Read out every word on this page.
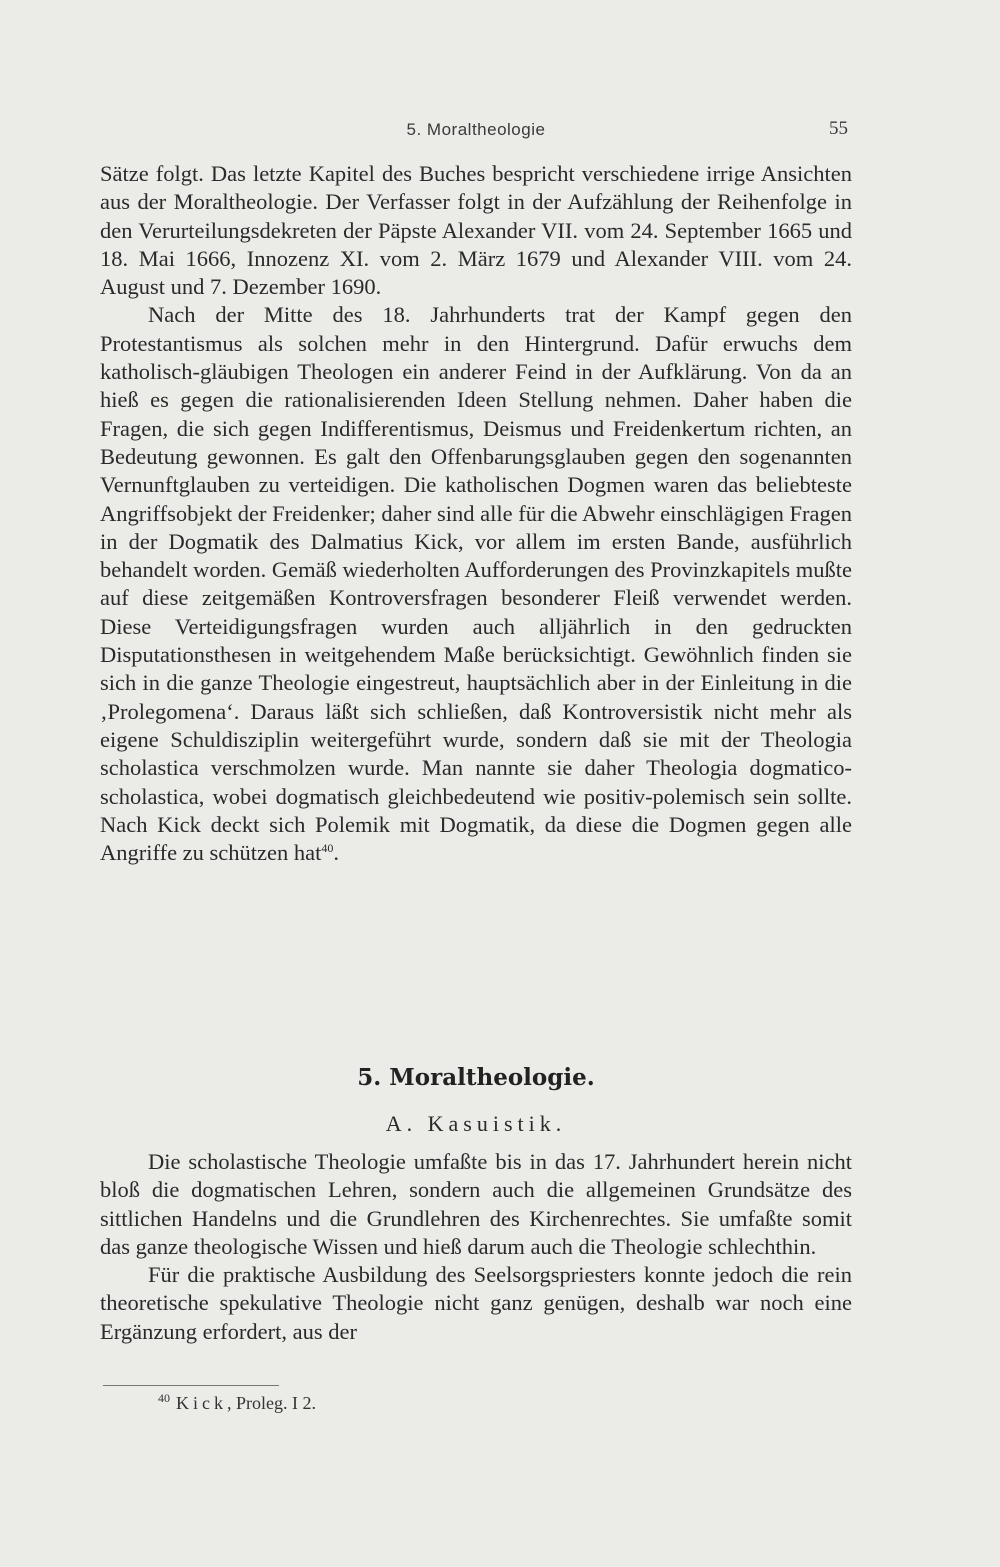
5. Moraltheologie	55

Sätze folgt. Das letzte Kapitel des Buches bespricht verschiedene irrige Ansichten aus der Moraltheologie. Der Verfasser folgt in der Aufzählung der Reihenfolge in den Verurteilungsdekreten der Päpste Alexander VII. vom 24. September 1665 und 18. Mai 1666, Innozenz XI. vom 2. März 1679 und Alexander VIII. vom 24. August und 7. Dezember 1690.

Nach der Mitte des 18. Jahrhunderts trat der Kampf gegen den Protestantismus als solchen mehr in den Hintergrund. Dafür erwuchs dem katholisch-gläubigen Theologen ein anderer Feind in der Aufklärung. Von da an hieß es gegen die rationalisierenden Ideen Stellung nehmen. Daher haben die Fragen, die sich gegen Indifferentismus, Deismus und Freidenkertum richten, an Bedeutung gewonnen. Es galt den Offenbarungsglauben gegen den sogenannten Vernunftglauben zu verteidigen. Die katholischen Dogmen waren das beliebteste Angriffsobjekt der Freidenker; daher sind alle für die Abwehr einschlägigen Fragen in der Dogmatik des Dalmatius Kick, vor allem im ersten Bande, ausführlich behandelt worden. Gemäß wiederholten Aufforderungen des Provinzkapitels mußte auf diese zeitgemäßen Kontroversfragen besonderer Fleiß verwendet werden. Diese Verteidigungsfragen wurden auch alljährlich in den gedruckten Disputationsthesen in weitgehendem Maße berücksichtigt. Gewöhnlich finden sie sich in die ganze Theologie eingestreut, hauptsächlich aber in der Einleitung in die ‚Prolegomena‘. Daraus läßt sich schließen, daß Kontroversistik nicht mehr als eigene Schuldisziplin weitergeführt wurde, sondern daß sie mit der Theologia scholastica verschmolzen wurde. Man nannte sie daher Theologia dogmatico-scholastica, wobei dogmatisch gleichbedeutend wie positiv-polemisch sein sollte. Nach Kick deckt sich Polemik mit Dogmatik, da diese die Dogmen gegen alle Angriffe zu schützen hat$^{40}$.

5. Moraltheologie.
A. Kasuistik.

Die scholastische Theologie umfaßte bis in das 17. Jahrhundert herein nicht bloß die dogmatischen Lehren, sondern auch die allgemeinen Grundsätze des sittlichen Handelns und die Grundlehren des Kirchenrechtes. Sie umfaßte somit das ganze theologische Wissen und hieß darum auch die Theologie schlechthin.

Für die praktische Ausbildung des Seelsorgspriesters konnte jedoch die rein theoretische spekulative Theologie nicht ganz genügen, deshalb war noch eine Ergänzung erfordert, aus der

$^{40}$ Kick, Proleg. I 2.
